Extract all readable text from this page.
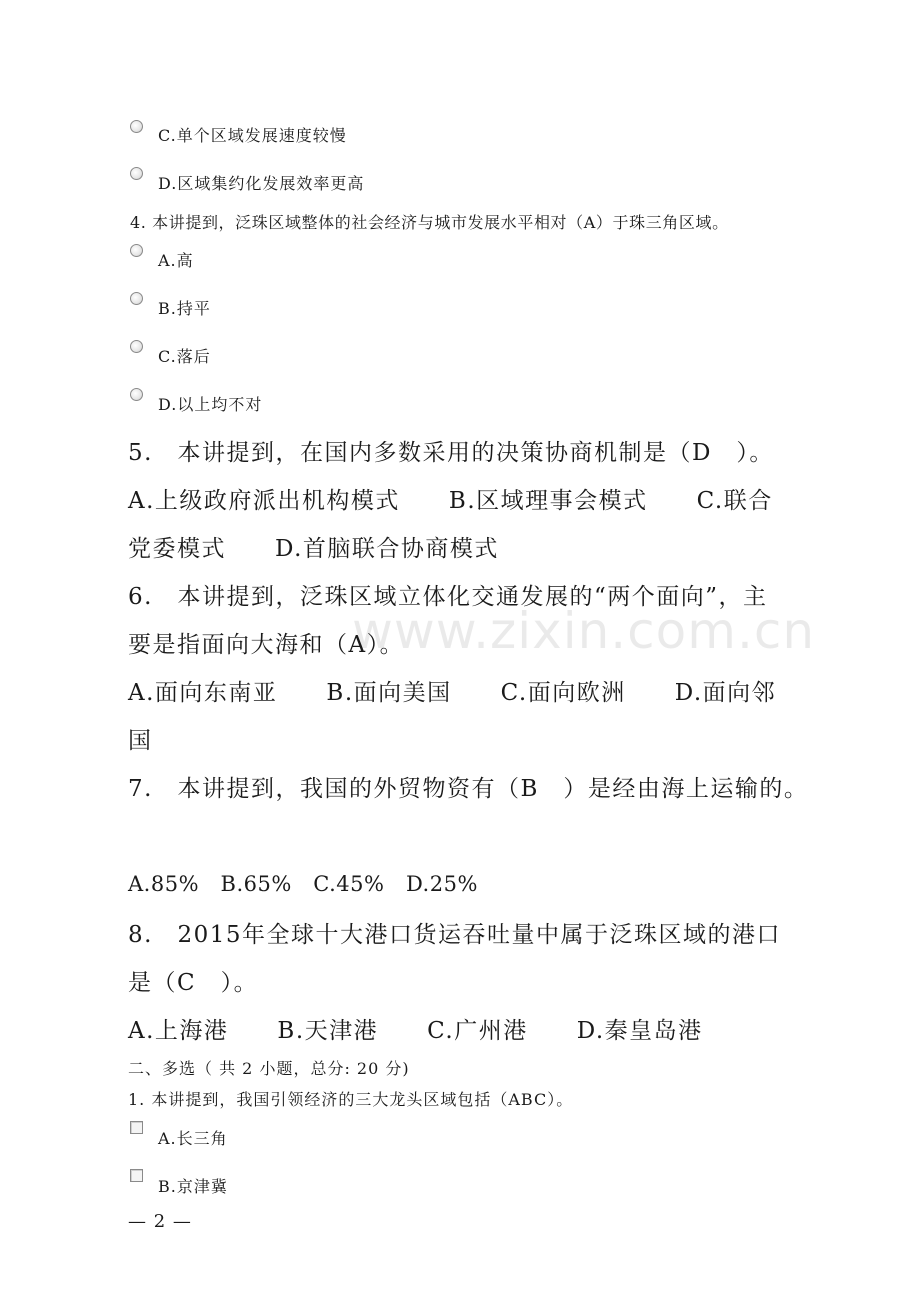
C.单个区域发展速度较慢
D.区域集约化发展效率更高
4. 本讲提到，泛珠区域整体的社会经济与城市发展水平相对（A）于珠三角区域。
A.高
B.持平
C.落后
D.以上均不对
5.　本讲提到，在国内多数采用的决策协商机制是（D　）。
A.上级政府派出机构模式　　B.区域理事会模式　　C.联合
党委模式　　D.首脑联合协商模式
6.　本讲提到，泛珠区域立体化交通发展的“两个面向”，主
要是指面向大海和（A）。
A.面向东南亚　　B.面向美国　　C.面向欧洲　　D.面向邻
国
7.　本讲提到，我国的外贸物资有（B　）是经由海上运输的。
A.85%　B.65%　C.45%　D.25%
8.　2015年全球十大港口货运吞吐量中属于泛珠区域的港口
是（C　）。
A.上海港　　B.天津港　　C.广州港　　D.秦皇岛港
二、多选（ 共 2 小题，总分: 20 分)
1. 本讲提到，我国引领经济的三大龙头区域包括（ABC）。
A.长三角
B.京津冀
— 2 —
www.zixin.com.cn
